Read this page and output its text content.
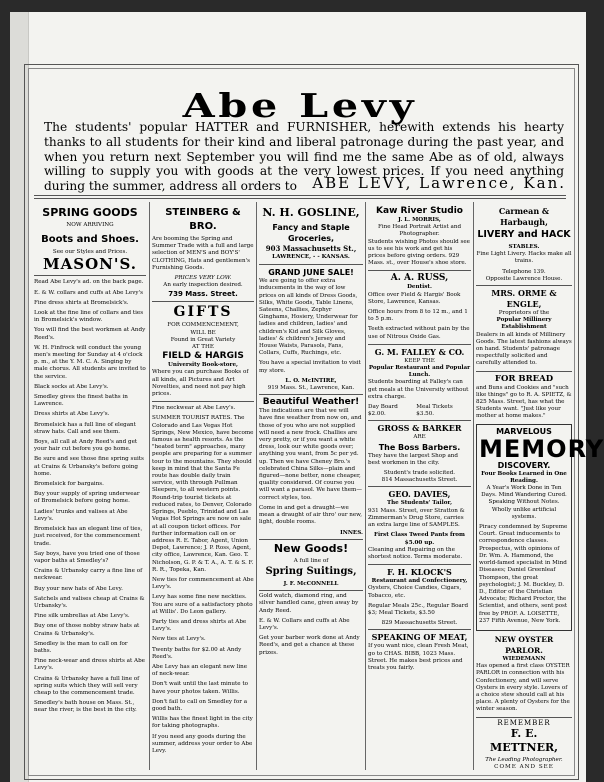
Abe Levy
The students' popular HATTER and FURNISHER, herewith extends his hearty thanks to all students for their kind and liberal patronage during the past year, and when you return next September you will find me the same Abe as of old, always willing to supply you with goods at the very lowest prices. If you need anything during the summer, address all orders to	ABE LEVY, Lawrence, Kan.
SPRING GOODS
NOW ARRIVING
Boots and Shoes.
See our Styles and Prices.
MASON'S.

Read Abe Levy's ad. on the back page.

E. & W. collars and cuffs at Abe Levy's

Fine dress shirts at Bromelsick's.

Look at the fine line of collars and ties in Bromelsick's window.

You will find the best workmen at Andy Reed's.

W. H. Finfrock will conduct the young men's meeting for Sunday at 4 o'clock p. m., at the Y. M. C. A. Singing by male chorus. All students are invited to the service.

Black socks at Abe Levy's.

Smedley gives the finest baths in Lawrence.

Dress shirts at Abe Levy's.

Bromelsick has a full line of elegant straw hats. Call and see them.

Boys, all call at Andy Reed's and get your hair cut before you go home.

Be sure and see those fine spring suits at Crains & Urbansky's before going home.

Bromelsick for bargains.

Buy your supply of spring underwear of Bromelsick before going home.

Ladies' trunks and valises at Abe Levy's.

Bromelsick has an elegant line of ties, just received, for the commencement trade.

Say boys, have you tried one of those vapor baths at Smedley's?

Crains & Urbansky carry a fine line of neckwear.

Buy your new hats of Abe Levy.

Satchels and valises cheap at Crains & Urbansky's.

Fine silk umbrellas at Abe Levy's.

Buy one of those nobby straw hats at Crains & Urbansky's.

Smedley is the man to call on for baths.

Fine neck-wear and dress shirts at Abe Levy's.

Crains & Urbansky have a full line of spring suits which they will sell very cheap to the commencement trade.

Smedley's bath house on Mass. St., near the river, is the best in the city.

STEINBERG & BRO.

Are booming the Spring and Summer Trade with a full and large selection of MEN'S and BOY'S' CLOTHING, Hats and gentlemen's Furnishing Goods.

PRICES VERY LOW.
An early inspection desired.
739 Mass. Street.
GIFTS
FOR COMMENCEMENT,
WILL BE
Found in Great Variety
AT THE
FIELD & HARGIS
University Book-store,

Where you can purchase Books of all kinds, all Pictures and Art Novelties, and need not pay high prices.

Fine neckwear at Abe Levy's.

SUMMER TOURIST RATES. The Colorado and Las Vegas Hot Springs, New Mexico, have become famous as health resorts. As the "heated term" approaches, many people are preparing for a summer tour to the mountains. They should keep in mind that the Santa Fe route has double daily train service, with through Pullman Sleepers, to all western points. Round-trip tourist tickets at reduced rates, to Denver, Colorado Springs, Pueblo, Trinidad and Las Vegas Hot Springs are now on sale at all coupon ticket offices. For further information call on or address R. E. Tabor, Agent, Union Depot, Lawrence; J. P. Ross, Agent, city office, Lawrence, Kan. Geo. T. Nicholson, G. P. & T. A., A. T. & S. F. R. R., Topeka, Kan.

New ties for commencement at Abe Levy's.

Levy has some fine new neckties. You are sure of a satisfactory photo at Willis'. Do Leon gallery.

Party ties and dress shirts at Abe Levy's.

New ties at Levy's.

Twenty baths for $2.00 at Andy Reed's.

Abe Levy has an elegant new line of neck-wear.

Don't wait until the last minute to have your photos taken. Willis.

Don't fail to call on Smedley for a good bath.

Willis has the finest light in the city for taking photographs.

If you need any goods during the summer, address your order to Abe Levy.

N. H. GOSLINE,
Fancy and Staple Groceries,
903 Massachusetts St.,
LAWRENCE, - - KANSAS.
GRAND JUNE SALE!

We are going to offer extra inducements in the way of low prices on all kinds of Dress Goods, Silks, White Goods, Table Linens, Sateens, Challies, Zephyr Ginghams, Hosiery, Underwear for ladies and children, ladies' and children's Kid and Silk Gloves, ladies' & children's Jersey and House Waists, Parasols, Fans, Collars, Cuffs, Ruchings, etc.

You have a special invitation to visit my store.

L. O. McINTIRE,
919 Mass. St., Lawrence, Kan.
Beautiful Weather!

The indications are that we will have fine weather from now on, and those of you who are not supplied will need a new frock. Challies are very pretty, or if you want a white dress, look our white goods over; anything you want, from 5c per yd. up. Then we have Cheney Bro.'s celebrated China Silks—plain and figured—none better, none cheaper, quality considered. Of course you will want a parasol. We have them—correct styles, too.

Come in and get a draught—we mean a draught of air thro' our new, light, double rooms.

INNES.
New Goods!
A full line of
Spring Suitings,
J. F. McCONNELL

Gold watch, diamond ring, and silver handled cane, given away by Andy Reed.

E. & W. Collars and cuffs at Abe Levy's.

Get your barber work done at Andy Reed's, and get a chance at these prizes.

Kaw River Studio
J. L. MORRIS,
Fine Head Portrait Artist and Photographer.

Students wishing Photos should see us to see his work and get his prices before giving orders. 929 Mass. st., over House's shoe store.

A. A. RUSS,
Dentist.

Office over Field & Hargis' Book Store, Lawrence, Kansas.

Office hours from 8 to 12 m., and 1 to 5 p.m.

Teeth extracted without pain by the use of Nitrous Oxide Gas.

G. M. FALLEY & CO.
KEEP THE
Popular Restaurant and Popular Lunch.

Students boarding at Falley's can get meals at the University without extra charge.

Day Board $2.00.
Meal Tickets $3.50.
GROSS & BARKER
ARE
The Boss Barbers.

They have the largest Shop and best workmen in the city.

Student's trade solicited.
814 Massachusetts Street.
GEO. DAVIES,
The Students' Tailor,

931 Mass. Street, over Stratton & Zimmerman's Drug Store, carries an extra large line of SAMPLES.

First Class Tweed Pants from $5.00 up.

Cleaning and Repairing on the shortest notice. Terms moderate.

F. H. KLOCK'S
Restaurant and Confectionery,

Oysters, Choice Candies, Cigars, Tobacco, etc.

Regular Meals 25c., Regular Board $3; Meal Tickets, $3.50

829 Massachusetts Street.
SPEAKING OF MEAT,

If you want nice, clean Fresh Meat, go to CHAS. BIBB, 1023 Mass. Street. He makes best prices and treats you fairly.

Carmean & Harbaugh,
LIVERY and HACK
STABLES.

Fine Light Livery. Hacks make all trains.

Telephone 139.
Opposite Lawrence House.
MRS. ORME & ENGLE,
Proprietors of the
Popular Millinery Establishment

Dealers in all kinds of Millinery Goods. The latest fashions always on hand. Students' patronage respectfully solicited and carefully attended to.

FOR BREAD

and Buns and Cookies and "such like things" go to R. A. SPIETZ, & 825 Mass. Street, has what the Students want. "Just like your mother at home makes."

MARVELOUS
MEMORY
DISCOVERY.
Four Books Learned in One Reading.

A Year's Work Done in Ten Days. Mind Wandering Cured. Speaking Without Notes. Wholly unlike artificial systems.

Piracy condemned by Supreme Court. Great inducements to correspondence classes. Prospectus, with opinions of Dr. Wm. A. Hammond, the world-famed specialist in Mind Diseases; Daniel Greenleaf Thompson, the great psychologist; J. M. Buckley, D. D., Editor of the Christian Advocate; Richard Proctor, the Scientist, and others, sent post free by PROF. A. LOISETTE, 237 Fifth Avenue, New York.

NEW OYSTER PARLOR.
WIEDEMANN

Has opened a first class OYSTER PARLOR in connection with his Confectionery, and will serve Oysters in every style. Lovers of a choice stew should call at his place. A plenty of Oysters for the winter season.

REMEMBER
F. E. METTNER,
The Leading Photographer.
COME AND SEE
